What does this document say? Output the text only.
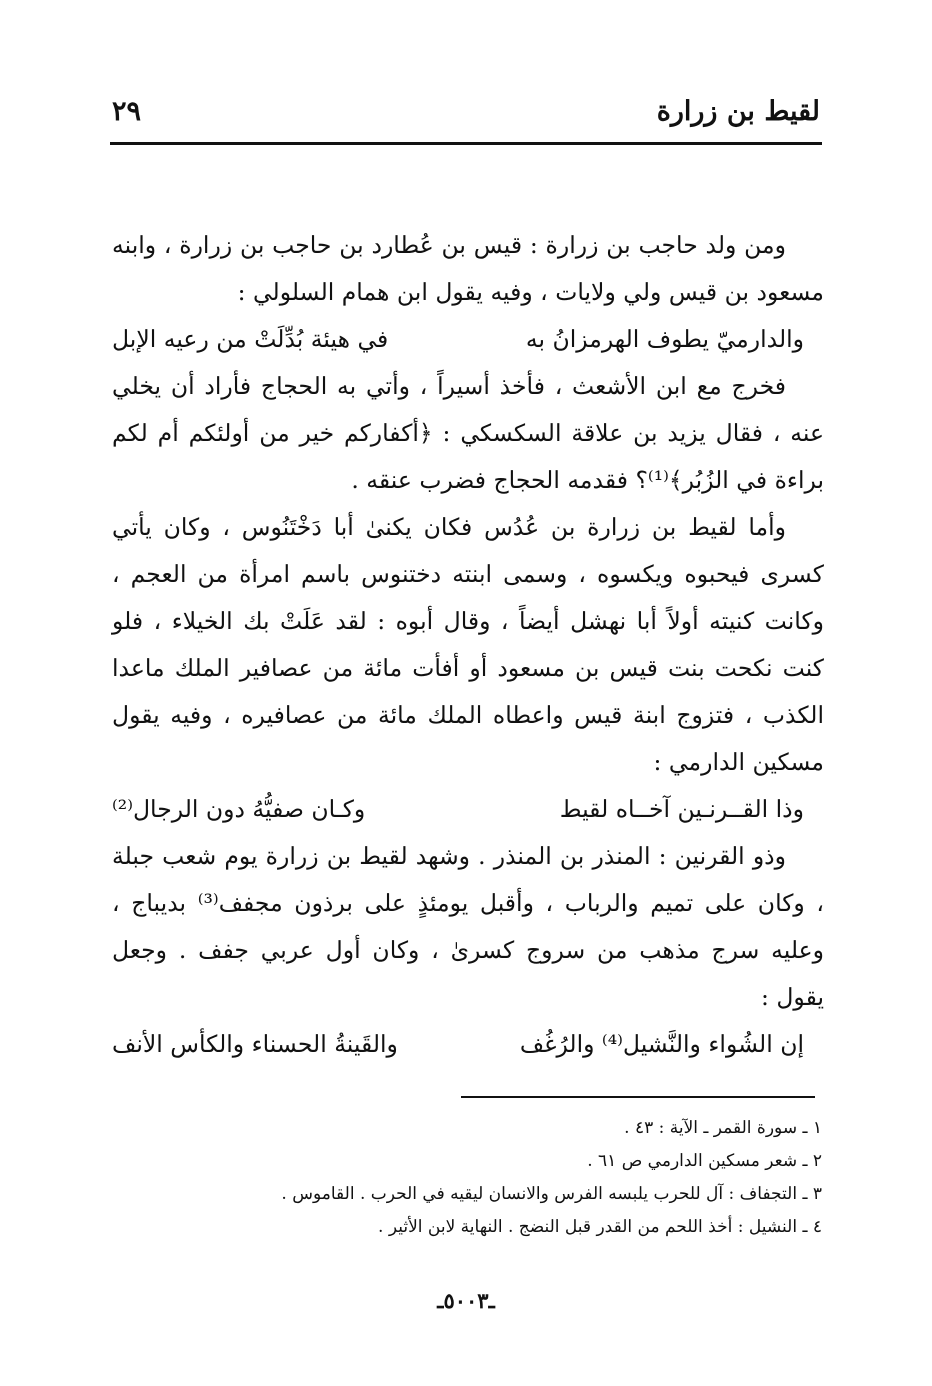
لقيط بن زرارة
٢٩

ومن ولد حاجب بن زرارة : قيس بن عُطارد بن حاجب بن زرارة ، وابنه مسعود بن قيس ولي ولايات ، وفيه يقول ابن همام السلولي :

والدارميّ يطوف الهرمزانُ به
في هيئة بُدِّلَتْ من رعيه الإبل

فخرج مع ابن الأشعث ، فأخذ أسيراً ، وأتي به الحجاج فأراد أن يخلي عنه ، فقال يزيد بن علاقة السكسكي : ﴿أكفاركم خير من أولئكم أم لكم براءة في الزُبُر﴾⁽¹⁾؟ فقدمه الحجاج فضرب عنقه .

وأما لقيط بن زرارة بن عُدُس فكان يكنىٰ أبا دَخْتَنُوس ، وكان يأتي كسرى فيحبوه ويكسوه ، وسمى ابنته دختنوس باسم امرأة من العجم ، وكانت كنيته أولاً أبا نهشل أيضاً ، وقال أبوه : لقد عَلَتْ بك الخيلاء ، فلو كنت نكحت بنت قيس بن مسعود أو أفأت مائة من عصافير الملك ماعدا الكذب ، فتزوج ابنة قيس واعطاه الملك مائة من عصافيره ، وفيه يقول مسكين الدارمي :

وذا القــرنـين آخــاه لقيط
وكـان صفيُّهُ دون الرجال⁽²⁾

وذو القرنين : المنذر بن المنذر . وشهد لقيط بن زرارة يوم شعب جبلة ، وكان على تميم والرباب ، وأقبل يومئذٍ على برذون مجفف⁽³⁾ بديباج ، وعليه سرج مذهب من سروج كسرىٰ ، وكان أول عربي جفف . وجعل يقول :

إن الشُواء والنَّشيل⁽⁴⁾ والرُغُف
والقَينةُ الحسناء والكأس الأنف

١ ـ سورة القمر ـ الآية : ٤٣ .

٢ ـ شعر مسكين الدارمي ص ٦١ .

٣ ـ التجفاف : آل للحرب يلبسه الفرس والانسان ليقيه في الحرب . القاموس .

٤ ـ النشيل : أخذ اللحم من القدر قبل النضج . النهاية لابن الأثير .

ـ٥٠٠٣ـ
